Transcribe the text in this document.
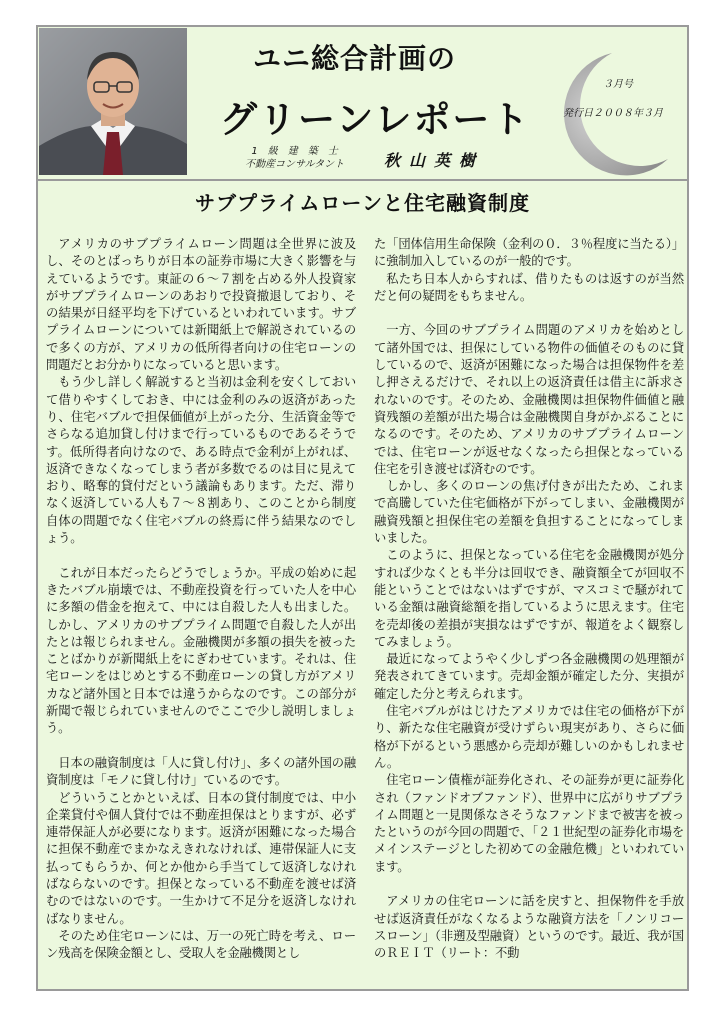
ユニ総合計画の
グリーンレポート
1　級　建　築　士
不動産コンサルタント 秋山英樹
３月号
発行日２００８年３月
サブプライムローンと住宅融資制度

アメリカのサブプライムローン問題は全世界に波及し、そのとばっちりが日本の証券市場に大きく影響を与えているようです。東証の６～７割を占める外人投資家がサブプライムローンのあおりで投資撤退しており、その結果が日経平均を下げているといわれています。サブプライムローンについては新聞紙上で解説されているので多くの方が、アメリカの低所得者向けの住宅ローンの問題だとお分かりになっていると思います。

もう少し詳しく解説すると当初は金利を安くしておいて借りやすくしておき、中には金利のみの返済があったり、住宅バブルで担保価値が上がった分、生活資金等でさらなる追加貸し付けまで行っているものであるそうです。低所得者向けなので、ある時点で金利が上がれば、返済できなくなってしまう者が多数でるのは目に見えており、略奪的貸付だという議論もあります。ただ、滞りなく返済している人も７～８割あり、このことから制度自体の問題でなく住宅バブルの終焉に伴う結果なのでしょう。

これが日本だったらどうでしょうか。平成の始めに起きたバブル崩壊では、不動産投資を行っていた人を中心に多額の借金を抱えて、中には自殺した人も出ました。しかし、アメリカのサブプライム問題で自殺した人が出たとは報じられません。金融機関が多額の損失を被ったことばかりが新聞紙上をにぎわせています。それは、住宅ローンをはじめとする不動産ローンの貸し方がアメリカなど諸外国と日本では違うからなのです。この部分が新聞で報じられていませんのでここで少し説明しましょう。

日本の融資制度は「人に貸し付け」、多くの諸外国の融資制度は「モノに貸し付け」ているのです。

どういうことかといえば、日本の貸付制度では、中小企業貸付や個人貸付では不動産担保はとりますが、必ず連帯保証人が必要になります。返済が困難になった場合に担保不動産でまかなえきれなければ、連帯保証人に支払ってもらうか、何とか他から手当てして返済しなければならないのです。担保となっている不動産を渡せば済むのではないのです。一生かけて不足分を返済しなければなりません。

そのため住宅ローンには、万一の死亡時を考え、ローン残高を保険金額とし、受取人を金融機関とし

た「団体信用生命保険（金利の０．３％程度に当たる）」に強制加入しているのが一般的です。

私たち日本人からすれば、借りたものは返すのが当然だと何の疑問をもちません。

一方、今回のサブプライム問題のアメリカを始めとして諸外国では、担保にしている物件の価値そのものに貸しているので、返済が困難になった場合は担保物件を差し押さえるだけで、それ以上の返済責任は借主に訴求されないのです。そのため、金融機関は担保物件価値と融資残額の差額が出た場合は金融機関自身がかぶることになるのです。そのため、アメリカのサブプライムローンでは、住宅ローンが返せなくなったら担保となっている住宅を引き渡せば済むのです。

しかし、多くのローンの焦げ付きが出たため、これまで高騰していた住宅価格が下がってしまい、金融機関が融資残額と担保住宅の差額を負担することになってしまいました。

このように、担保となっている住宅を金融機関が処分すれば少なくとも半分は回収でき、融資額全てが回収不能ということではないはずですが、マスコミで騒がれている金額は融資総額を指しているように思えます。住宅を売却後の差損が実損なはずですが、報道をよく観察してみましょう。

最近になってようやく少しずつ各金融機関の処理額が発表されてきています。売却金額が確定した分、実損が確定した分と考えられます。

住宅バブルがはじけたアメリカでは住宅の価格が下がり、新たな住宅融資が受けずらい現実があり、さらに価格が下がるという悪感から売却が難しいのかもしれません。

住宅ローン債権が証券化され、その証券が更に証券化され（ファンドオブファンド）、世界中に広がりサブプライム問題と一見関係なさそうなファンドまで被害を被ったというのが今回の問題で、「２１世紀型の証券化市場をメインステージとした初めての金融危機」といわれています。

アメリカの住宅ローンに話を戻すと、担保物件を手放せば返済責任がなくなるような融資方法を「ノンリコースローン」（非遡及型融資）というのです。最近、我が国のＲＥＩＴ（リート：不動
